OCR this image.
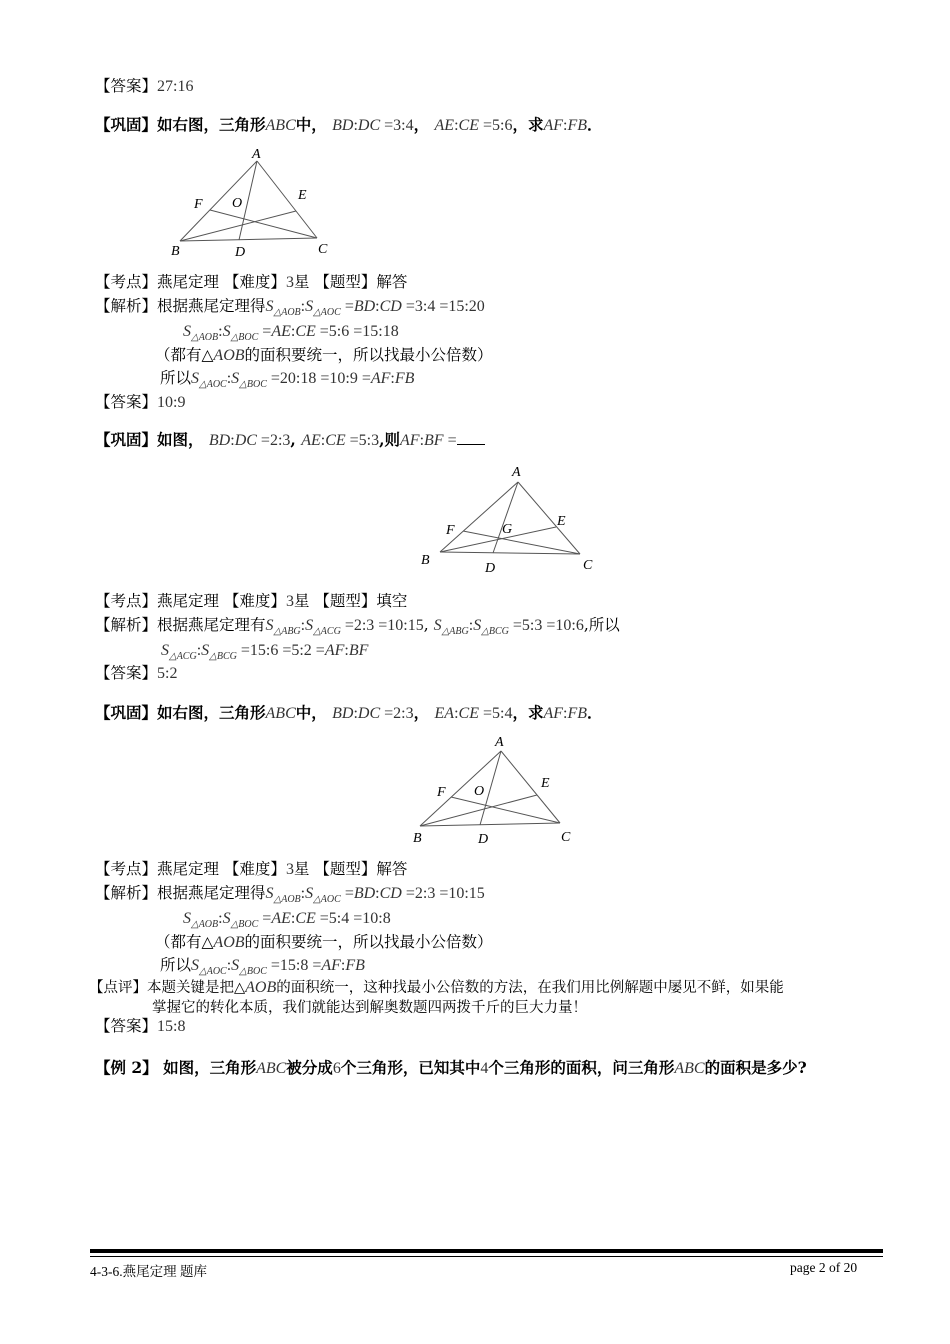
【答案】27:16
【巩固】如右图，三角形ABC中， BD:DC =3:4， AE:CE =5:6，求AF:FB．
A
B	C
D
E
F O
【考点】燕尾定理 【难度】3星 【题型】解答
【解析】根据燕尾定理得$S_{\triangle AOB}:S_{\triangle AOC}$ =BD:CD =3:4 =15:20
$S_{\triangle AOB}:S_{\triangle BOC}$ =AE:CE =5:6 =15:18
（都有△AOB的面积要统一，所以找最小公倍数）
所以$S_{\triangle AOC}:S_{\triangle BOC}$ =20:18 =10:9 =AF:FB
【答案】10:9
【巩固】如图， BD:DC =2:3, AE:CE =5:3,则AF:BF =
A
B	C
D
E
F	G
【考点】燕尾定理 【难度】3星 【题型】填空
【解析】根据燕尾定理有$S_{\triangle ABG}:S_{\triangle ACG}$ =2:3 =10:15, $S_{\triangle ABG}:S_{\triangle BCG}$ =5:3 =10:6,所以
$S_{\triangle ACG}:S_{\triangle BCG}$ =15:6 =5:2 =AF:BF
【答案】5:2
【巩固】如右图，三角形ABC中， BD:DC =2:3， EA:CE =5:4，求AF:FB．
A
B	C
D
E
F O
【考点】燕尾定理 【难度】3星 【题型】解答
【解析】根据燕尾定理得$S_{\triangle AOB}:S_{\triangle AOC}$ =BD:CD =2:3 =10:15
$S_{\triangle AOB}:S_{\triangle BOC}$ =AE:CE =5:4 =10:8
（都有△AOB的面积要统一，所以找最小公倍数）
所以$S_{\triangle AOC}:S_{\triangle BOC}$ =15:8 =AF:FB
【点评】本题关键是把△AOB的面积统一，这种找最小公倍数的方法，在我们用比例解题中屡见不鲜，如果能
掌握它的转化本质，我们就能达到解奥数题四两拨千斤的巨大力量！
【答案】15:8
【例 2】 如图，三角形ABC被分成6个三角形，已知其中4个三角形的面积，问三角形ABC的面积是多少?
4-3-6.燕尾定理 题库	page 2 of 20
